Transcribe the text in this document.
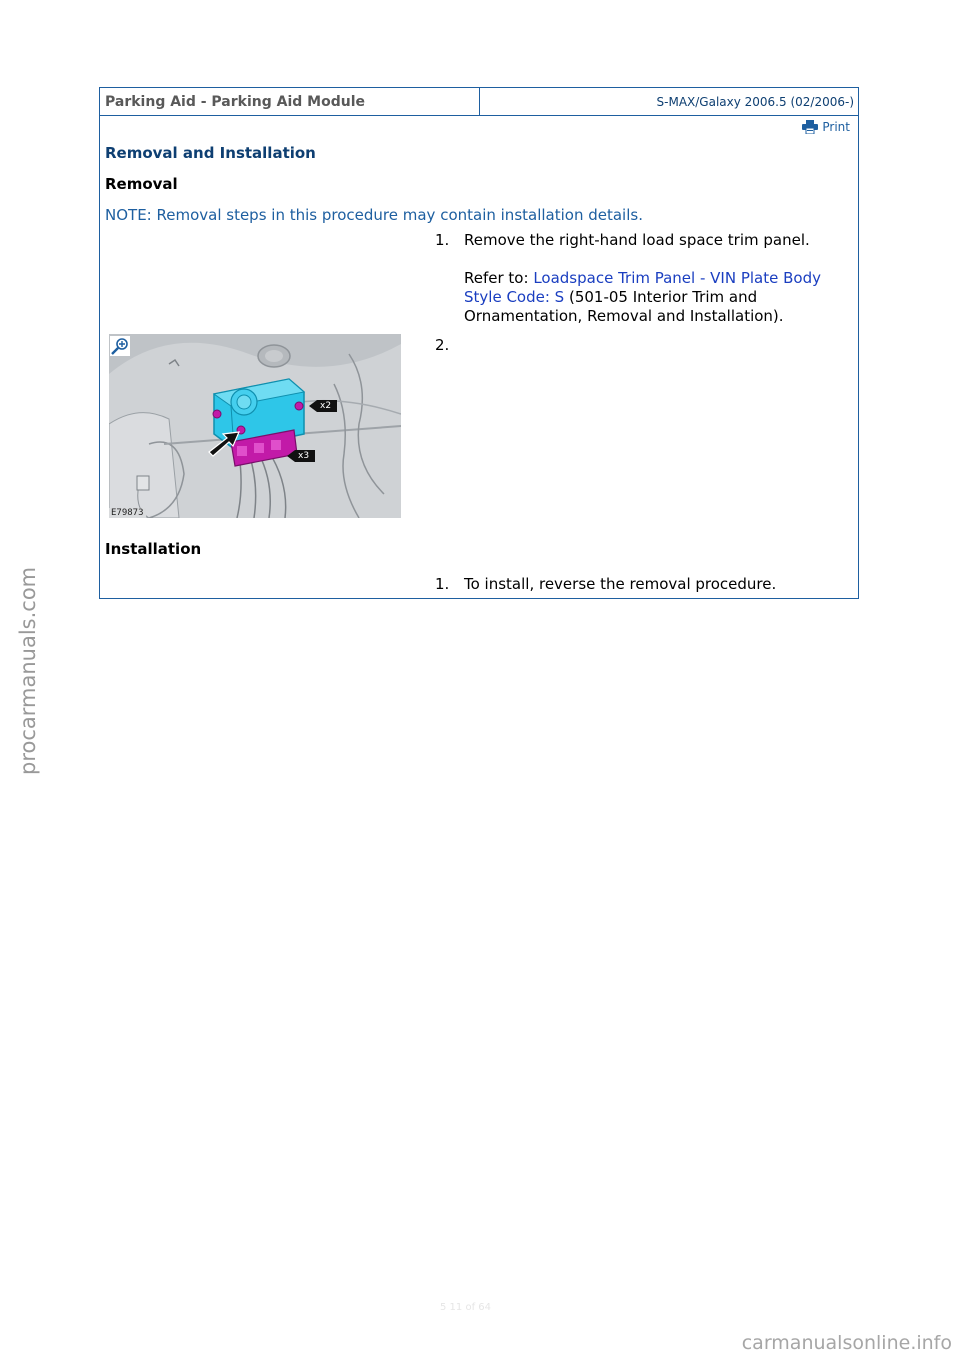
Parking Aid - Parking Aid Module	S-MAX/Galaxy 2006.5 (02/2006-)
Print
Removal and Installation
Removal
NOTE: Removal steps in this procedure may contain installation details.
1. Remove the right-hand load space trim panel.
Refer to: Loadspace Trim Panel - VIN Plate Body Style Code: S (501-05 Interior Trim and Ornamentation, Removal and Installation).
2.
x2
x3
E79873
Installation
1. To install, reverse the removal procedure.
5 11 of 64
procarmanuals.com
carmanualsonline.info
